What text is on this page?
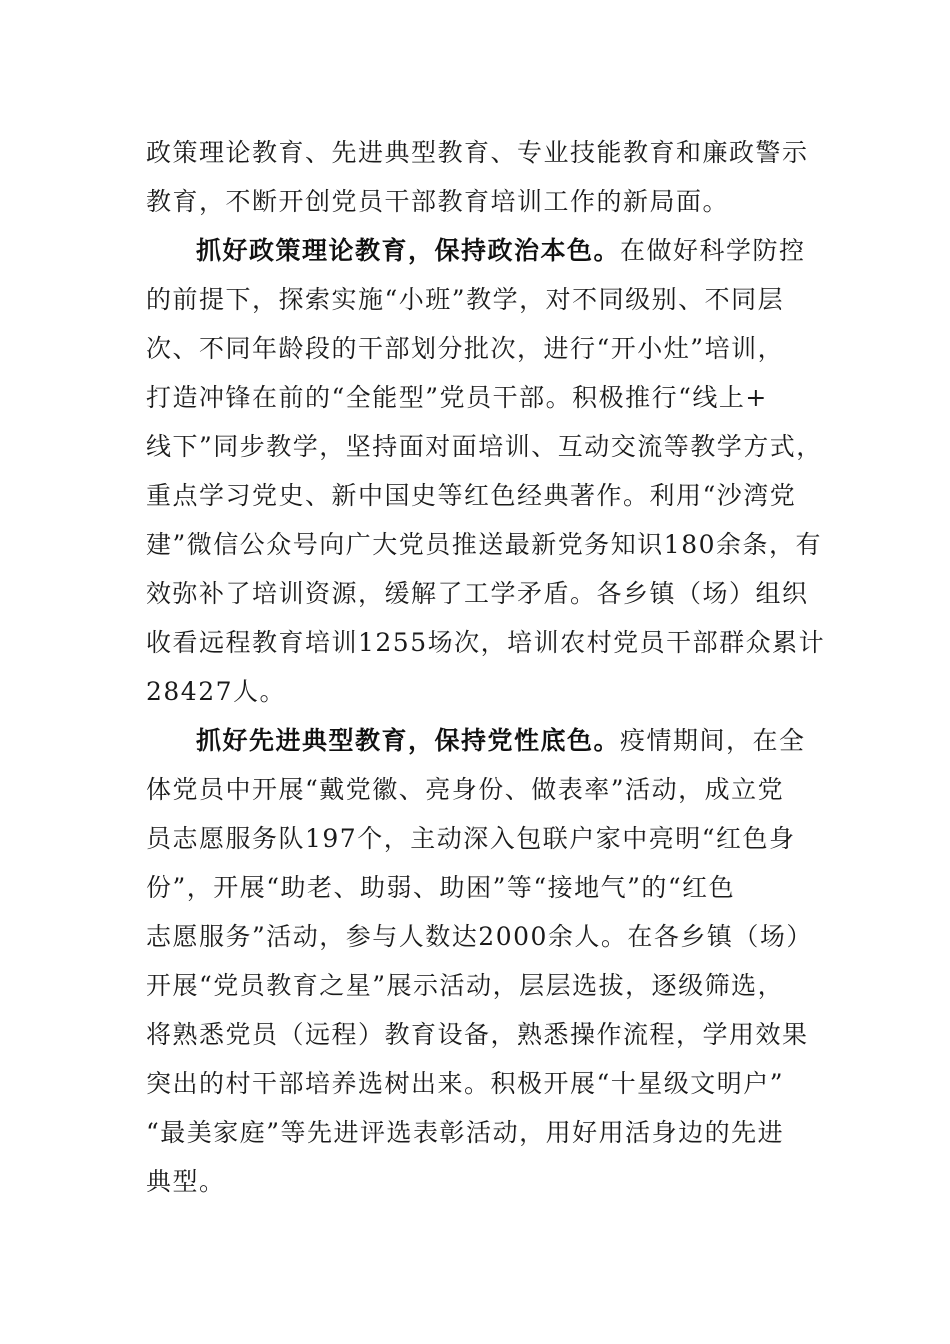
政策理论教育、先进典型教育、专业技能教育和廉政警示
教育，不断开创党员干部教育培训工作的新局面。
抓好政策理论教育，保持政治本色。在做好科学防控
的前提下，探索实施“小班”教学，对不同级别、不同层
次、不同年龄段的干部划分批次，进行“开小灶”培训，
打造冲锋在前的“全能型”党员干部。积极推行“线上+
线下”同步教学，坚持面对面培训、互动交流等教学方式，
重点学习党史、新中国史等红色经典著作。利用“沙湾党
建”微信公众号向广大党员推送最新党务知识180余条，有
效弥补了培训资源，缓解了工学矛盾。各乡镇（场）组织
收看远程教育培训1255场次，培训农村党员干部群众累计
28427人。
抓好先进典型教育，保持党性底色。疫情期间，在全
体党员中开展“戴党徽、亮身份、做表率”活动，成立党
员志愿服务队197个，主动深入包联户家中亮明“红色身
份”，开展“助老、助弱、助困”等“接地气”的“红色
志愿服务”活动，参与人数达2000余人。在各乡镇（场）
开展“党员教育之星”展示活动，层层选拔，逐级筛选，
将熟悉党员（远程）教育设备，熟悉操作流程，学用效果
突出的村干部培养选树出来。积极开展“十星级文明户”
“最美家庭”等先进评选表彰活动，用好用活身边的先进
典型。
